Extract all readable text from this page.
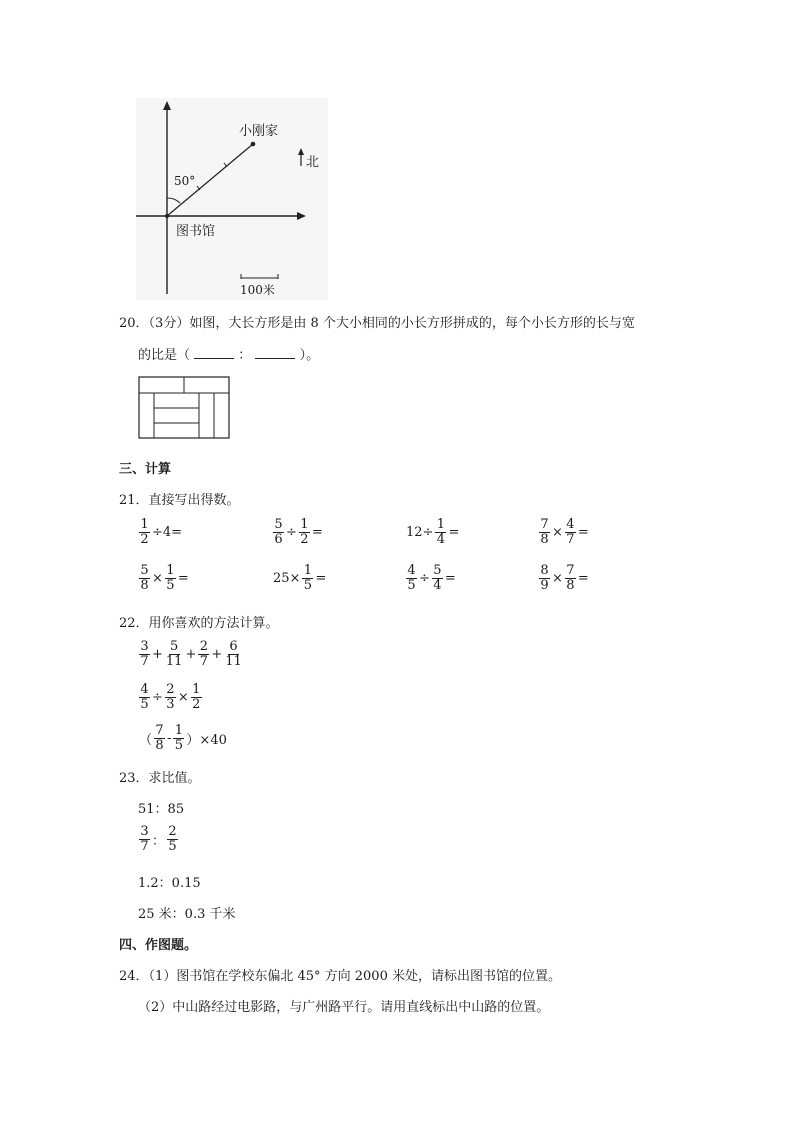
小刚家
北
50°
图书馆
100米
20．（3分）如图，大长方形是由 8 个大小相同的小长方形拼成的，每个小长方形的长与宽
的比是（	：	）。
三、计算
21．直接写出得数。
$\frac{1}{2} \div 4=$	$\frac{5}{6} \div \frac{1}{2}$ =	$12\div \frac{1}{4}$ =	$\frac{7}{8} \times \frac{4}{7}$ =
$\frac{5}{8} \times \frac{1}{5}$ =	$25\times \frac{1}{5}$ =	$\frac{4}{5} \div \frac{5}{4}$ =	$\frac{8}{9} \times \frac{7}{8}$ =
22．用你喜欢的方法计算。
$\frac{3}{7} + \frac{5}{11} + \frac{2}{7} + \frac{6}{11}$
$\frac{4}{5} \div \frac{2}{3} \times \frac{1}{2}$
（ $\frac{7}{8} - \frac{1}{5} )\times 40$
23．求比值。
51：85
$\frac{3}{7}$ ： $\frac{2}{5}$
1.2：0.15
25 米：0.3 千米
四、作图题。
24．（1）图书馆在学校东偏北 45° 方向 2000 米处，请标出图书馆的位置。
（2）中山路经过电影路，与广州路平行。请用直线标出中山路的位置。
